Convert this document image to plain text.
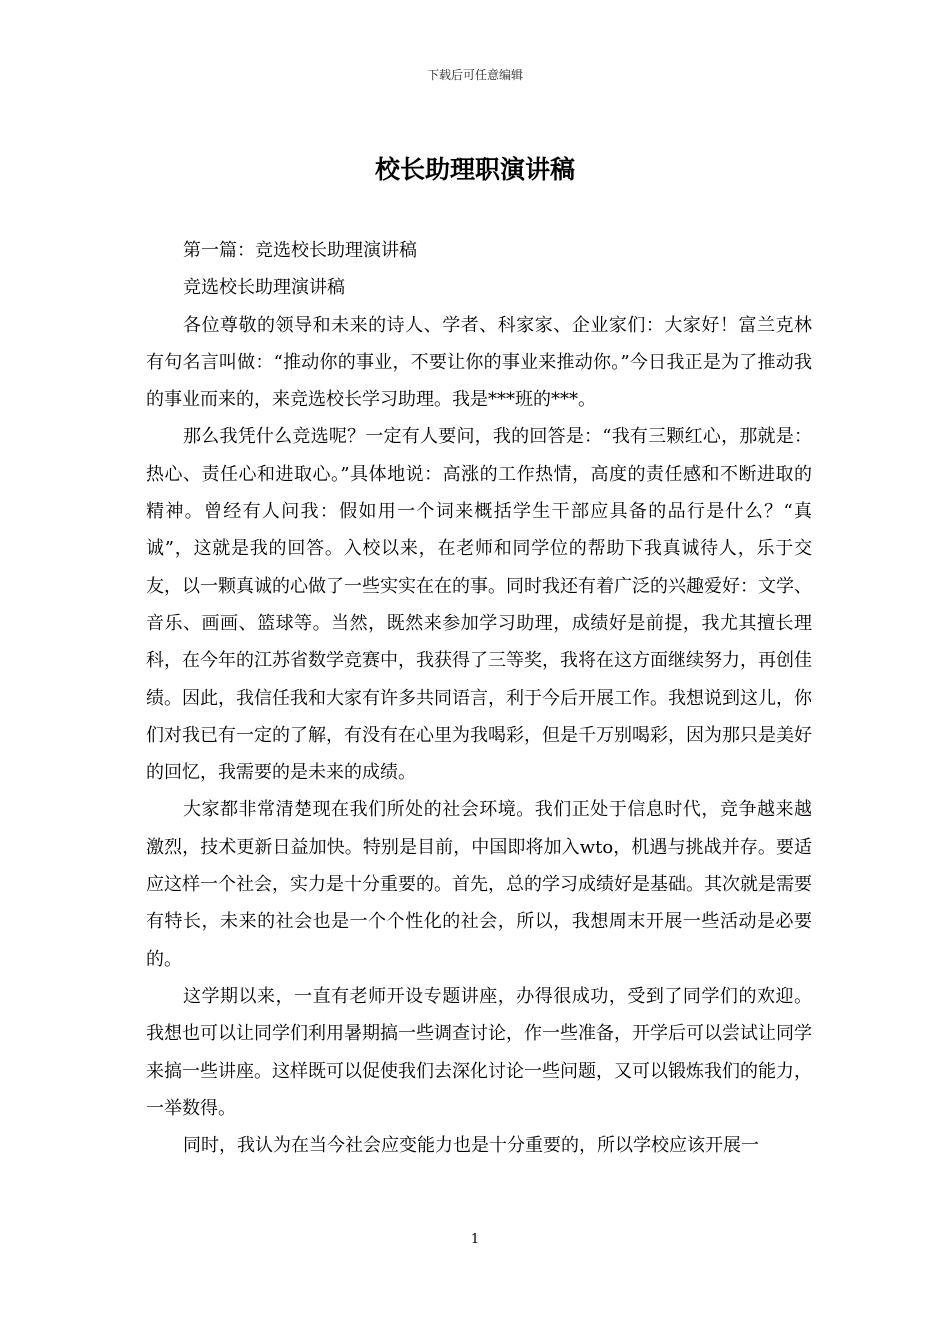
下载后可任意编辑
校长助理职演讲稿

第一篇：竞选校长助理演讲稿

竞选校长助理演讲稿

各位尊敬的领导和未来的诗人、学者、科家家、企业家们：大家好！富兰克林有句名言叫做：“推动你的事业，不要让你的事业来推动你。”今日我正是为了推动我的事业而来的，来竞选校长学习助理。我是***班的***。

那么我凭什么竞选呢？一定有人要问，我的回答是：“我有三颗红心，那就是：热心、责任心和进取心。”具体地说：高涨的工作热情，高度的责任感和不断进取的精神。曾经有人问我：假如用一个词来概括学生干部应具备的品行是什么？“真诚”，这就是我的回答。入校以来，在老师和同学位的帮助下我真诚待人，乐于交友，以一颗真诚的心做了一些实实在在的事。同时我还有着广泛的兴趣爱好：文学、音乐、画画、篮球等。当然，既然来参加学习助理，成绩好是前提，我尤其擅长理科，在今年的江苏省数学竞赛中，我获得了三等奖，我将在这方面继续努力，再创佳绩。因此，我信任我和大家有许多共同语言，利于今后开展工作。我想说到这儿，你们对我已有一定的了解，有没有在心里为我喝彩，但是千万别喝彩，因为那只是美好的回忆，我需要的是未来的成绩。

大家都非常清楚现在我们所处的社会环境。我们正处于信息时代，竞争越来越激烈，技术更新日益加快。特别是目前，中国即将加入wto，机遇与挑战并存。要适应这样一个社会，实力是十分重要的。首先，总的学习成绩好是基础。其次就是需要有特长，未来的社会也是一个个性化的社会，所以，我想周末开展一些活动是必要的。

这学期以来，一直有老师开设专题讲座，办得很成功，受到了同学们的欢迎。我想也可以让同学们利用暑期搞一些调查讨论，作一些准备，开学后可以尝试让同学来搞一些讲座。这样既可以促使我们去深化讨论一些问题，又可以锻炼我们的能力，一举数得。

同时，我认为在当今社会应变能力也是十分重要的，所以学校应该开展一

1
